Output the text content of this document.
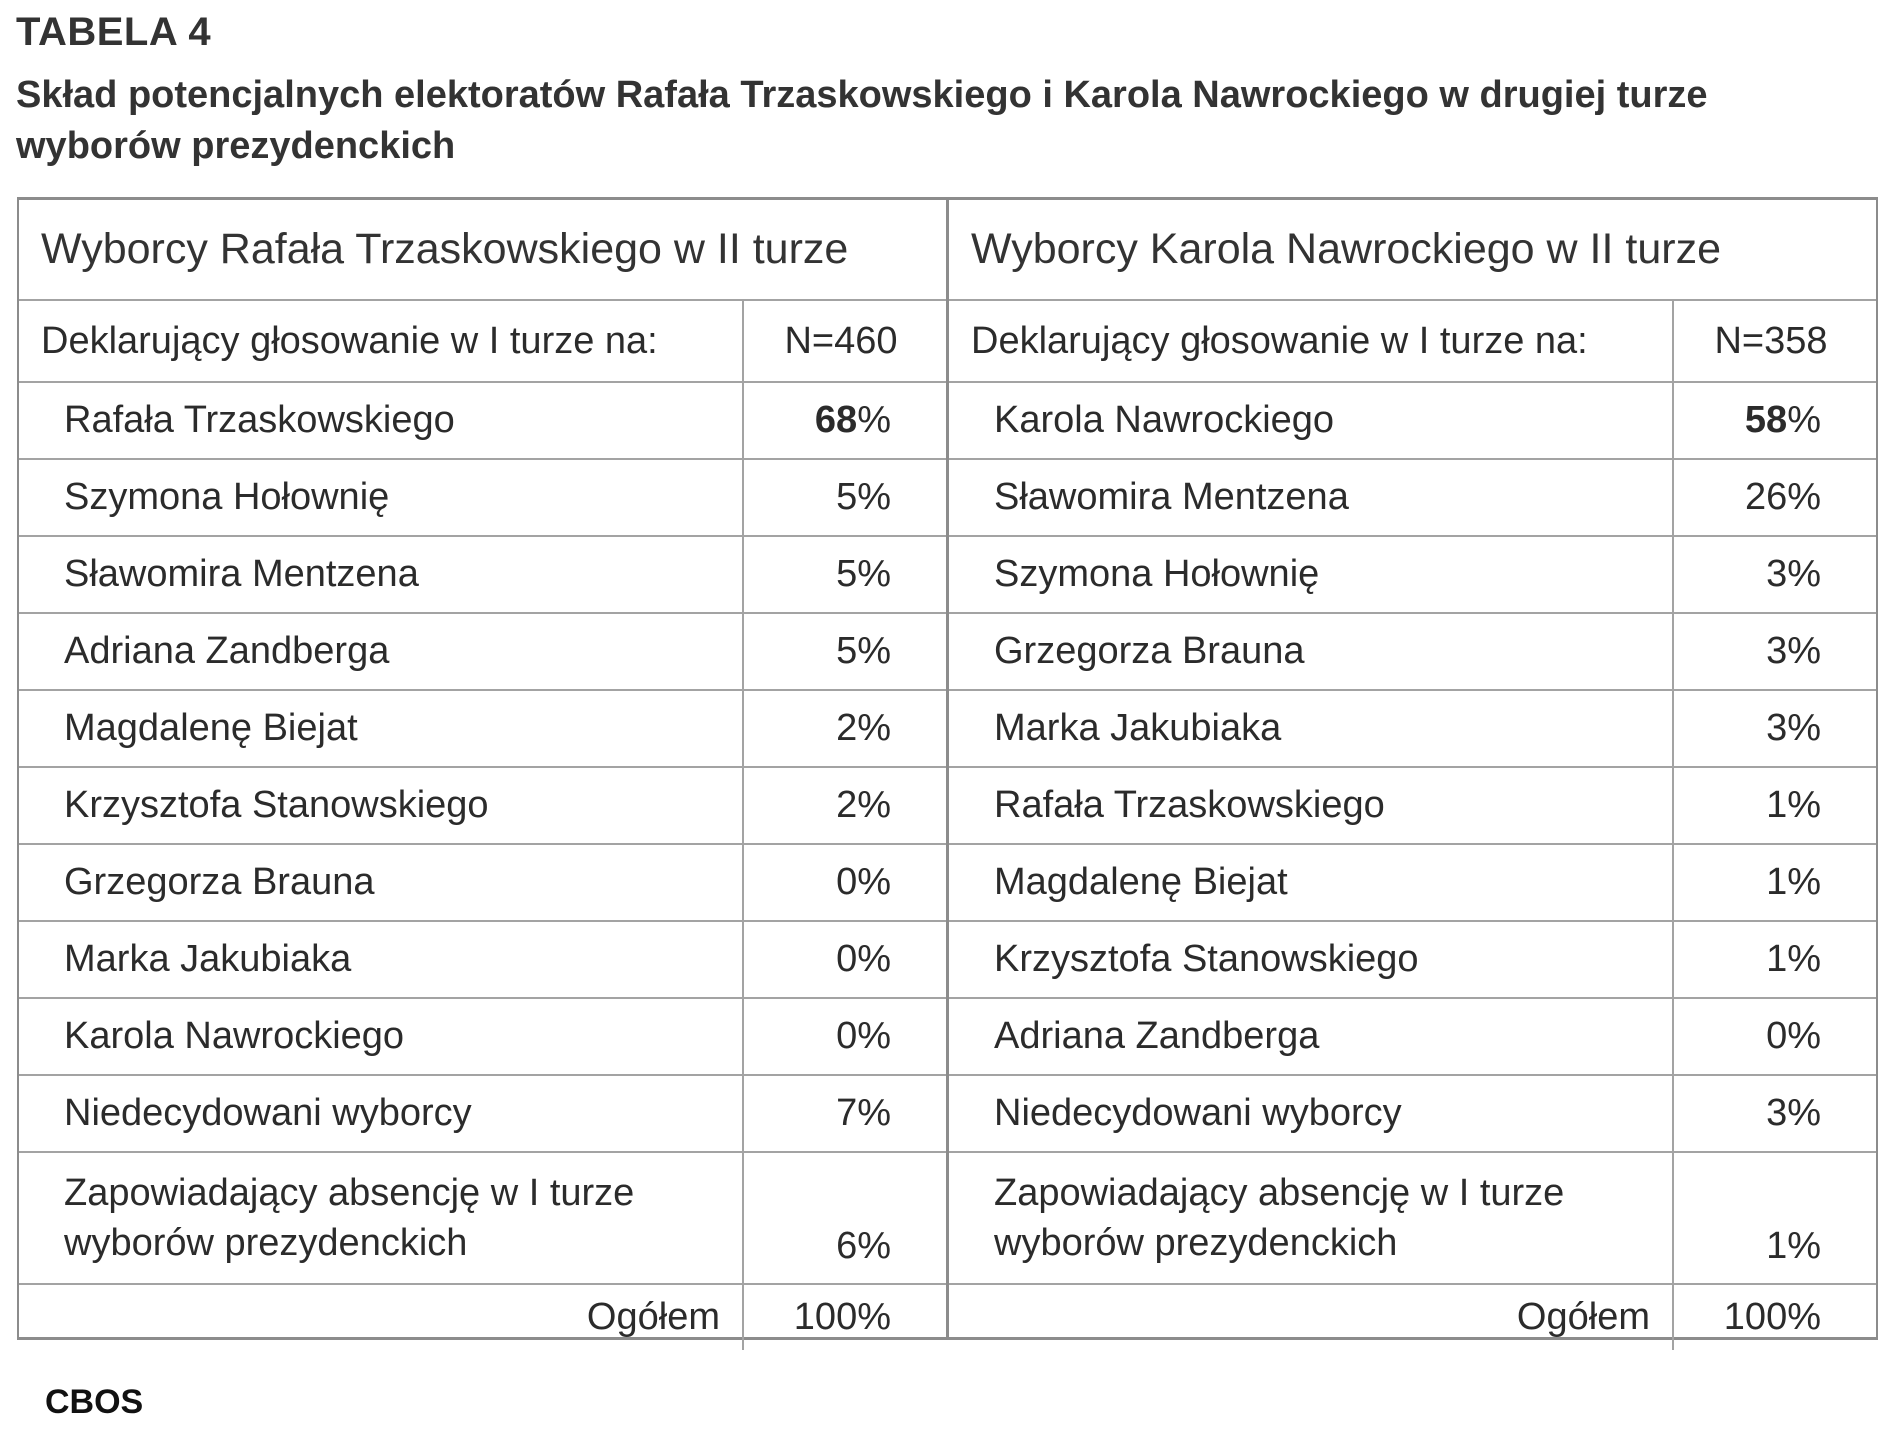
TABELA 4
Skład potencjalnych elektoratów Rafała Trzaskowskiego i Karola Nawrockiego w drugiej turze wyborów prezydenckich
Wyborcy Rafała Trzaskowskiego w II turze	
Deklarujący głosowanie w I turze na:	N=460
Rafała Trzaskowskiego	68%
Szymona Hołownię	5%
Sławomira Mentzena	5%
Adriana Zandberga	5%
Magdalenę Biejat	2%
Krzysztofa Stanowskiego	2%
Grzegorza Brauna	0%
Marka Jakubiaka	0%
Karola Nawrockiego	0%
Niedecydowani wyborcy	7%
Zapowiadający absencję w I turze
wyborów prezydenckich	6%
Ogółem	100%
Wyborcy Karola Nawrockiego w II turze	
Deklarujący głosowanie w I turze na:	N=358
Karola Nawrockiego	58%
Sławomira Mentzena	26%
Szymona Hołownię	3%
Grzegorza Brauna	3%
Marka Jakubiaka	3%
Rafała Trzaskowskiego	1%
Magdalenę Biejat	1%
Krzysztofa Stanowskiego	1%
Adriana Zandberga	0%
Niedecydowani wyborcy	3%
Zapowiadający absencję w I turze
wyborów prezydenckich	1%
Ogółem	100%
CBOS
